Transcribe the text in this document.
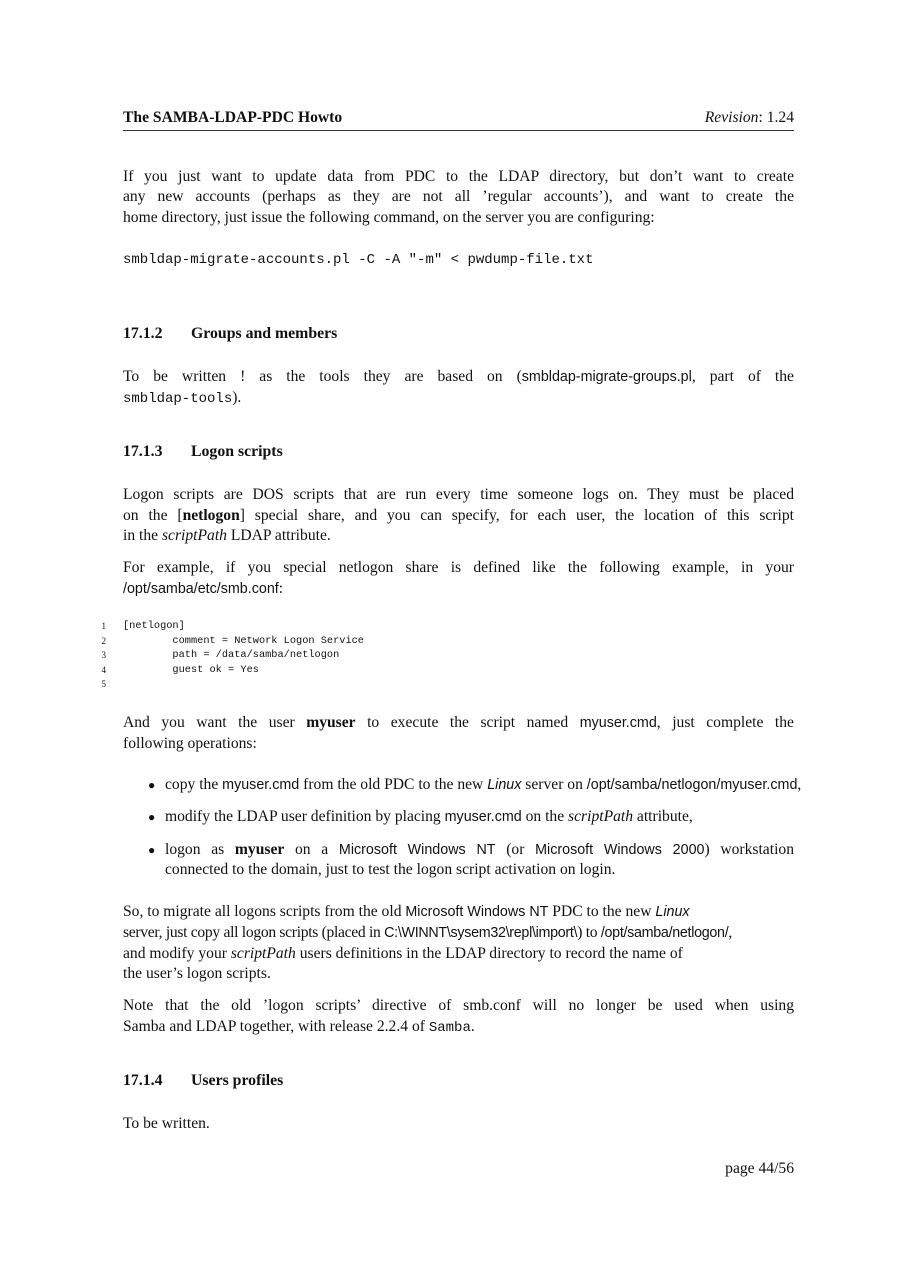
The SAMBA-LDAP-PDC Howto	Revision: 1.24
If you just want to update data from PDC to the LDAP directory, but don’t want to create
any new accounts (perhaps as they are not all ’regular accounts’), and want to create the
home directory, just issue the following command, on the server you are configuring:
smbldap-migrate-accounts.pl -C -A "-m" < pwdump-file.txt
17.1.2 Groups and members
To be written ! as the tools they are based on (smbldap-migrate-groups.pl, part of the
smbldap-tools).
17.1.3 Logon scripts
Logon scripts are DOS scripts that are run every time someone logs on. They must be placed
on the [netlogon] special share, and you can specify, for each user, the location of this script
in the scriptPath LDAP attribute.
For example, if you special netlogon share is defined like the following example, in your
/opt/samba/etc/smb.conf:
1
2
3
4
5
[netlogon]
comment = Network Logon Service
path = /data/samba/netlogon
guest ok = Yes
And you want the user myuser to execute the script named myuser.cmd, just complete the
following operations:
● copy the myuser.cmd from the old PDC to the new Linux server on /opt/samba/netlogon/myuser.cmd,
● modify the LDAP user definition by placing myuser.cmd on the scriptPath attribute,
● logon as myuser on a Microsoft Windows NT (or Microsoft Windows 2000) workstation
connected to the domain, just to test the logon script activation on login.
So, to migrate all logons scripts from the old Microsoft Windows NT PDC to the new Linux
server, just copy all logon scripts (placed in C:\WINNT\sysem32\repl\import\) to /opt/samba/netlogon/,
and modify your scriptPath users definitions in the LDAP directory to record the name of
the user’s logon scripts.
Note that the old ’logon scripts’ directive of smb.conf will no longer be used when using
Samba and LDAP together, with release 2.2.4 of Samba.
17.1.4 Users profiles
To be written.
page 44/56
